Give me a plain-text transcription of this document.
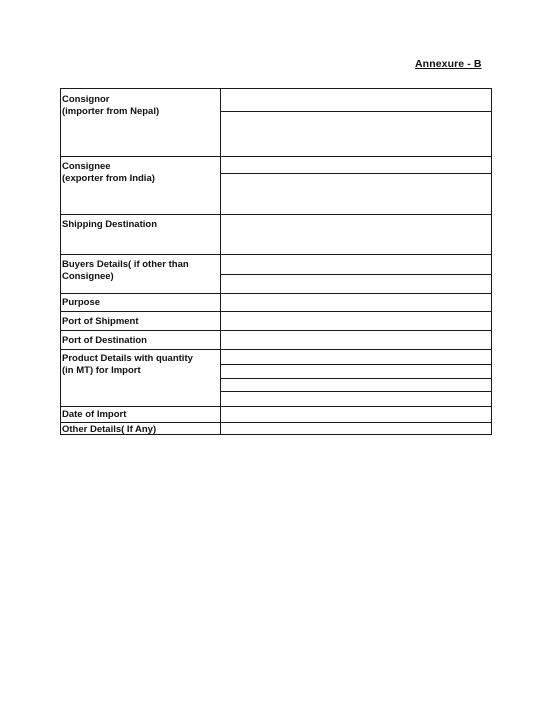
Annexure - B
Consignor
(importer from Nepal)
Consignee
(exporter from India)
Shipping Destination
Buyers Details( if other than
Consignee)
Purpose
Port of Shipment
Port of Destination
Product Details with quantity
(in MT) for Import
Date of Import
Other Details( If Any)
